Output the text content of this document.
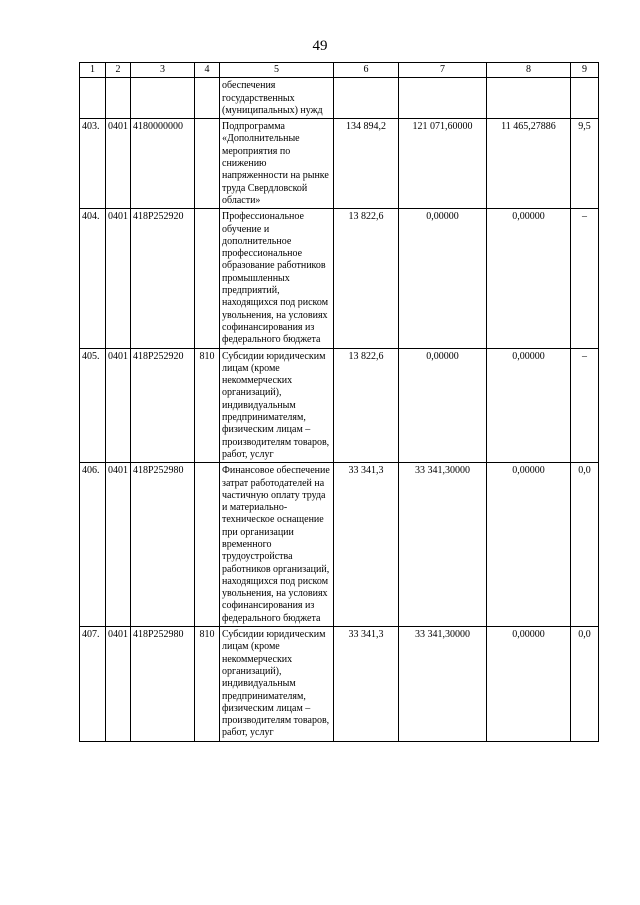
49
1	2	3	4	5	6	7	8	9
				обеспечения государственных (муниципальных) нужд				
403.	0401	4180000000		Подпрограмма «Дополнительные мероприятия по снижению напряженности на рынке труда Свердловской области»	134 894,2	121 071,60000	11 465,27886	9,5
404.	0401	418P252920		Профессиональное обучение и дополнительное профессиональное образование работников промышленных предприятий, находящихся под риском увольнения, на условиях софинансирования из федерального бюджета	13 822,6	0,00000	0,00000	–
405.	0401	418P252920	810	Субсидии юридическим лицам (кроме некоммерческих организаций), индивидуальным предпринимателям, физическим лицам – производителям товаров, работ, услуг	13 822,6	0,00000	0,00000	–
406.	0401	418P252980		Финансовое обеспечение затрат работодателей на частичную оплату труда и материально-техническое оснащение при организации временного трудоустройства работников организаций, находящихся под риском увольнения, на условиях софинансирования из федерального бюджета	33 341,3	33 341,30000	0,00000	0,0
407.	0401	418P252980	810	Субсидии юридическим лицам (кроме некоммерческих организаций), индивидуальным предпринимателям, физическим лицам – производителям товаров, работ, услуг	33 341,3	33 341,30000	0,00000	0,0
